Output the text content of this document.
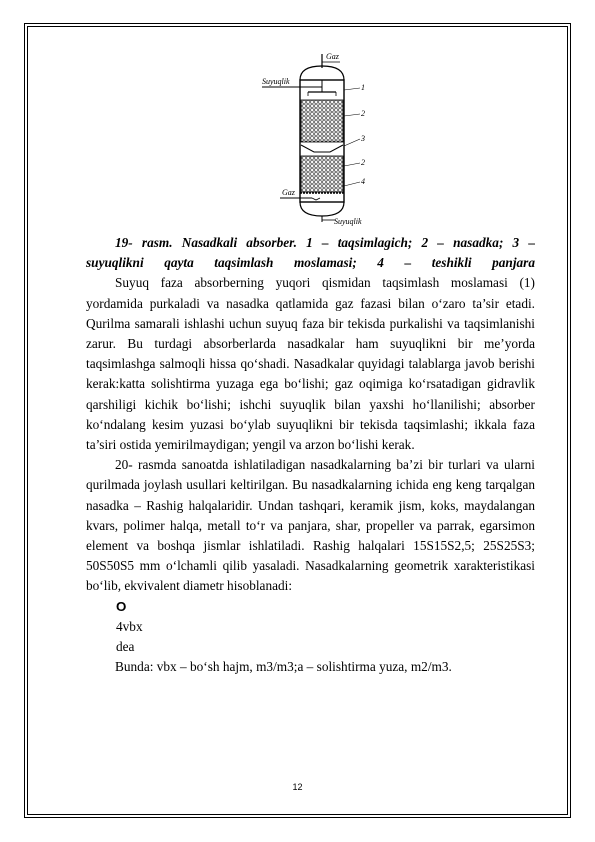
Gaz
Suyuqlik
Gaz
Suyuqlik
1
2
3
2
4
19- rasm. Nasadkali absorber. 1 – taqsimlagich; 2 – nasadka; 3 –
suyuqlikni qayta taqsimlash moslamasi; 4 – teshikli panjara

Suyuq faza absorberning yuqori qismidan taqsimlash moslamasi (1) yordamida purkaladi va nasadka qatlamida gaz fazasi bilan o‘zaro ta’sir etadi. Qurilma samarali ishlashi uchun suyuq faza bir tekisda purkalishi va taqsimlanishi zarur. Bu turdagi absorberlarda nasadkalar ham suyuqlikni bir me’yorda taqsimlashga salmoqli hissa qo‘shadi. Nasadkalar quyidagi talablarga javob berishi kerak:katta solishtirma yuzaga ega bo‘lishi; gaz oqimiga ko‘rsatadigan gidravlik qarshiligi kichik bo‘lishi; ishchi suyuqlik bilan yaxshi ho‘llanilishi; absorber ko‘ndalang kesim yuzasi bo‘ylab suyuqlikni bir tekisda taqsimlashi; ikkala faza ta’siri ostida yemirilmaydigan; yengil va arzon bo‘lishi kerak.

20- rasmda sanoatda ishlatiladigan nasadkalarning ba’zi bir turlari va ularni qurilmada joylash usullari keltirilgan. Bu nasadkalarning ichida eng keng tarqalgan nasadka – Rashig halqalaridir. Undan tashqari, keramik jism, koks, maydalangan kvars, polimer halqa, metall to‘r va panjara, shar, propeller va parrak, egarsimon element va boshqa jismlar ishlatiladi. Rashig halqalari 15S15S2,5; 25S25S3; 50S50S5 mm o‘lchamli qilib yasaladi. Nasadkalarning geometrik xarakteristikasi bo‘lib, ekvivalent diametr hisoblanadi:

O
4vbx
dea
Bunda: vbx – bo‘sh hajm, m3/m3;a – solishtirma yuza, m2/m3.
12
